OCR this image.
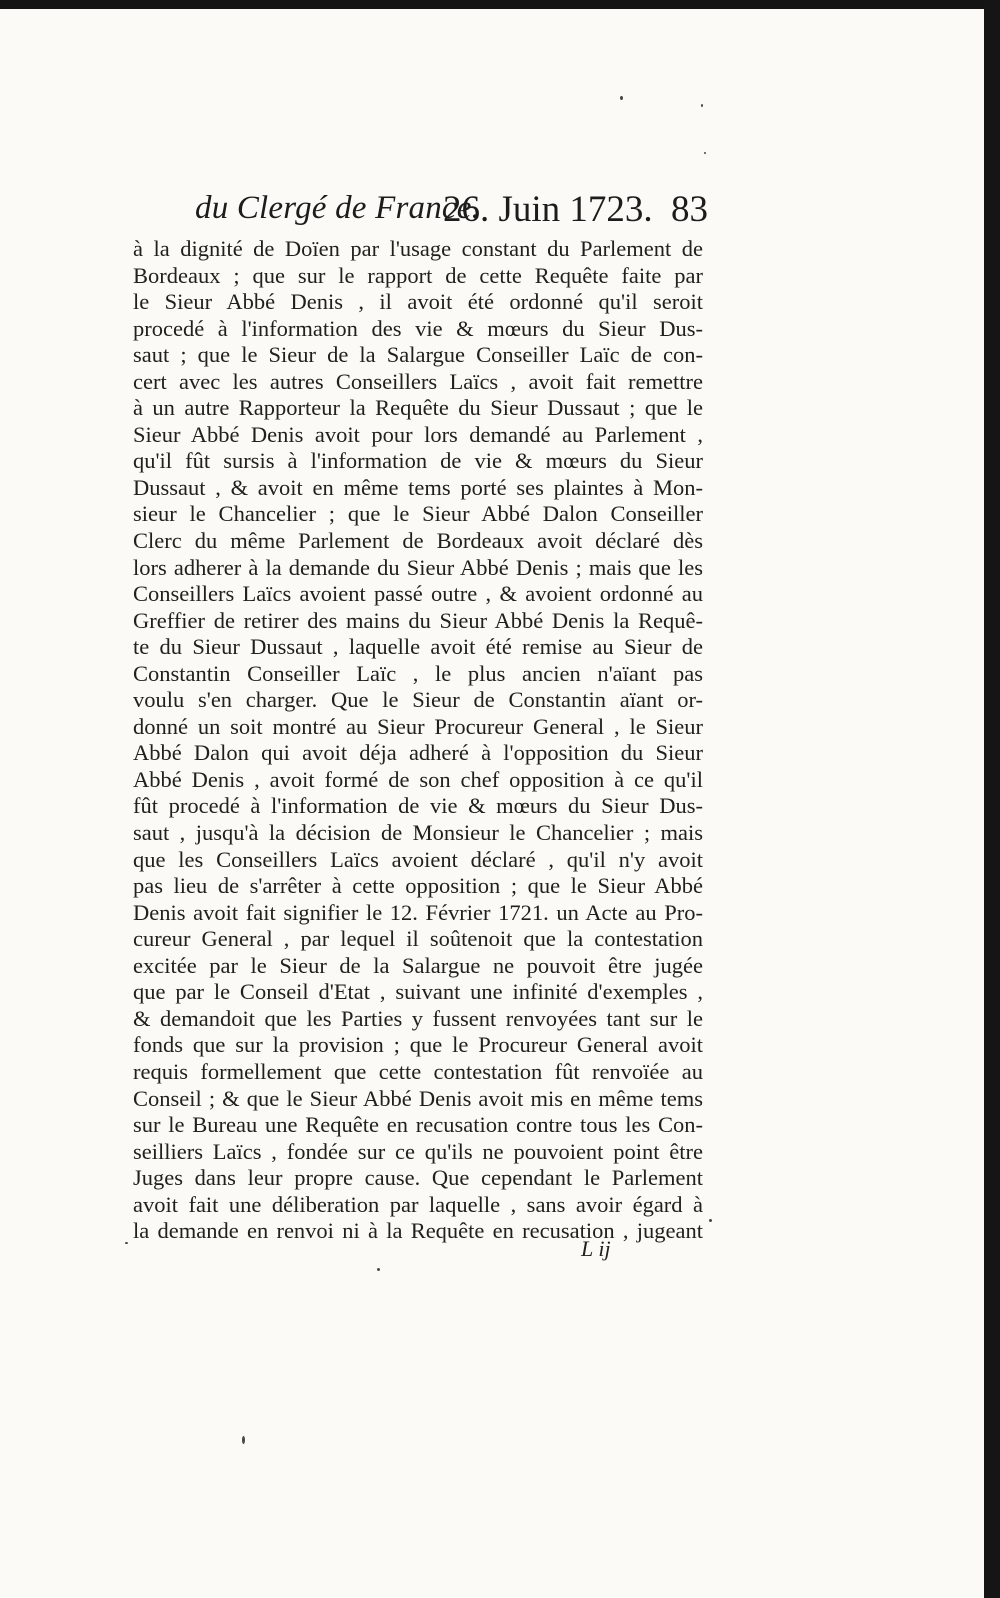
du Clergé de France.
26. Juin 1723. 83
à la dignité de Doïen par l'usage constant du Parlement de
Bordeaux ; que sur le rapport de cette Requête faite par
le Sieur Abbé Denis , il avoit été ordonné qu'il seroit
procedé à l'information des vie & mœurs du Sieur Dus-
saut ; que le Sieur de la Salargue Conseiller Laïc de con-
cert avec les autres Conseillers Laïcs , avoit fait remettre
à un autre Rapporteur la Requête du Sieur Dussaut ; que le
Sieur Abbé Denis avoit pour lors demandé au Parlement ,
qu'il fût sursis à l'information de vie & mœurs du Sieur
Dussaut , & avoit en même tems porté ses plaintes à Mon-
sieur le Chancelier ; que le Sieur Abbé Dalon Conseiller
Clerc du même Parlement de Bordeaux avoit déclaré dès
lors adherer à la demande du Sieur Abbé Denis ; mais que les
Conseillers Laïcs avoient passé outre , & avoient ordonné au
Greffier de retirer des mains du Sieur Abbé Denis la Requê-
te du Sieur Dussaut , laquelle avoit été remise au Sieur de
Constantin Conseiller Laïc , le plus ancien n'aïant pas
voulu s'en charger. Que le Sieur de Constantin aïant or-
donné un soit montré au Sieur Procureur General , le Sieur
Abbé Dalon qui avoit déja adheré à l'opposition du Sieur
Abbé Denis , avoit formé de son chef opposition à ce qu'il
fût procedé à l'information de vie & mœurs du Sieur Dus-
saut , jusqu'à la décision de Monsieur le Chancelier ; mais
que les Conseillers Laïcs avoient déclaré , qu'il n'y avoit
pas lieu de s'arrêter à cette opposition ; que le Sieur Abbé
Denis avoit fait signifier le 12. Février 1721. un Acte au Pro-
cureur General , par lequel il soûtenoit que la contestation
excitée par le Sieur de la Salargue ne pouvoit être jugée
que par le Conseil d'Etat , suivant une infinité d'exemples ,
& demandoit que les Parties y fussent renvoyées tant sur le
fonds que sur la provision ; que le Procureur General avoit
requis formellement que cette contestation fût renvoïée au
Conseil ; & que le Sieur Abbé Denis avoit mis en même tems
sur le Bureau une Requête en recusation contre tous les Con-
seilliers Laïcs , fondée sur ce qu'ils ne pouvoient point être
Juges dans leur propre cause. Que cependant le Parlement
avoit fait une déliberation par laquelle , sans avoir égard à
la demande en renvoi ni à la Requête en recusation , jugeant
L ij
